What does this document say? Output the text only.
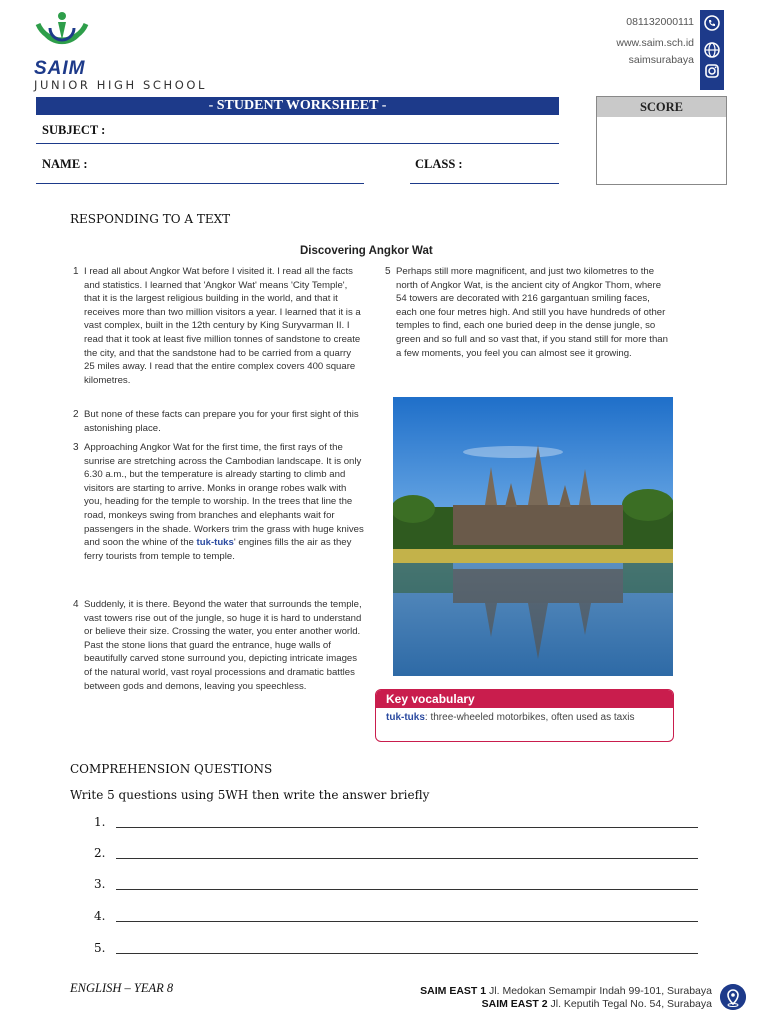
SAIM
JUNIOR HIGH SCHOOL
081132000111
www.saim.sch.id
saimsurabaya
- STUDENT WORKSHEET -
SUBJECT :
NAME :	CLASS :
SCORE
RESPONDING TO A TEXT
Discovering Angkor Wat
1 I read all about Angkor Wat before I visited it. I read all the facts and statistics. I learned that 'Angkor Wat' means 'City Temple', that it is the largest religious building in the world, and that it receives more than two million visitors a year. I learned that it is a vast complex, built in the 12th century by King Suryvarman II. I read that it took at least five million tonnes of sandstone to create the city, and that the sandstone had to be carried from a quarry 25 miles away. I read that the entire complex covers 400 square kilometres.
2 But none of these facts can prepare you for your first sight of this astonishing place.
3 Approaching Angkor Wat for the first time, the first rays of the sunrise are stretching across the Cambodian landscape. It is only 6.30 a.m., but the temperature is already starting to climb and visitors are starting to arrive. Monks in orange robes walk with you, heading for the temple to worship. In the trees that line the road, monkeys swing from branches and elephants wait for passengers in the shade. Workers trim the grass with huge knives and soon the whine of the tuk-tuks' engines fills the air as they ferry tourists from temple to temple.
4 Suddenly, it is there. Beyond the water that surrounds the temple, vast towers rise out of the jungle, so huge it is hard to understand or believe their size. Crossing the water, you enter another world. Past the stone lions that guard the entrance, huge walls of beautifully carved stone surround you, depicting intricate images of the natural world, vast royal processions and dramatic battles between gods and demons, leaving you speechless.
5 Perhaps still more magnificent, and just two kilometres to the north of Angkor Wat, is the ancient city of Angkor Thom, where 54 towers are decorated with 216 gargantuan smiling faces, each one four metres high. And still you have hundreds of other temples to find, each one buried deep in the dense jungle, so green and so full and so vast that, if you stand still for more than a few moments, you feel you can almost see it growing.
Key vocabulary
tuk-tuks: three-wheeled motorbikes, often used as taxis
COMPREHENSION QUESTIONS
Write 5 questions using 5WH then write the answer briefly
1.
2.
3.
4.
5.
ENGLISH – YEAR 8	SAIM EAST 1 Jl. Medokan Semampir Indah 99-101, Surabaya
SAIM EAST 2 Jl. Keputih Tegal No. 54, Surabaya
